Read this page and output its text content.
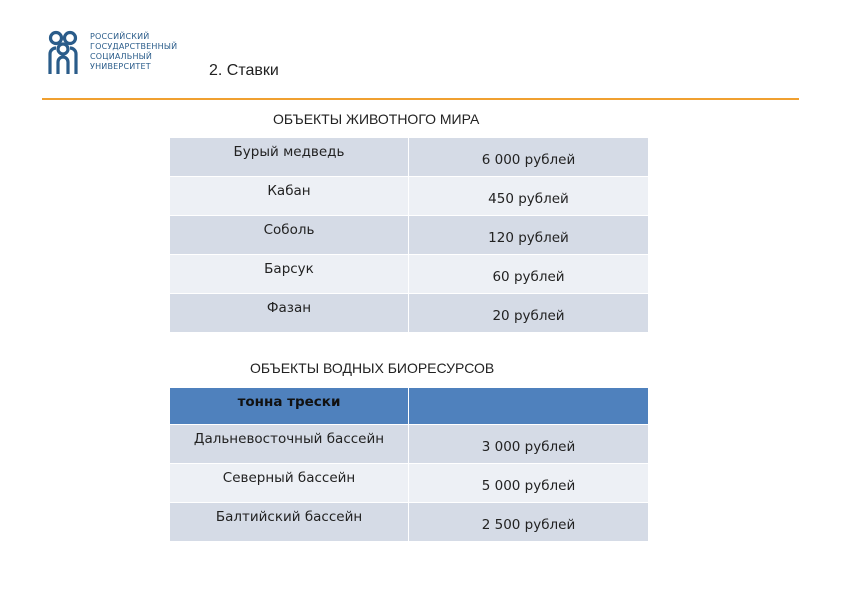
РОССИЙСКИЙ
ГОСУДАРСТВЕННЫЙ
СОЦИАЛЬНЫЙ
УНИВЕРСИТЕТ	2. Ставки
ОБЪЕКТЫ ЖИВОТНОГО МИРА
Бурый медведь	6 000 рублей
Кабан	450 рублей
Соболь	120 рублей
Барсук	60 рублей
Фазан	20 рублей
ОБЪЕКТЫ ВОДНЫХ БИОРЕСУРСОВ
тонна трески	
Дальневосточный бассейн	3 000 рублей
Северный бассейн	5 000 рублей
Балтийский бассейн	2 500 рублей
